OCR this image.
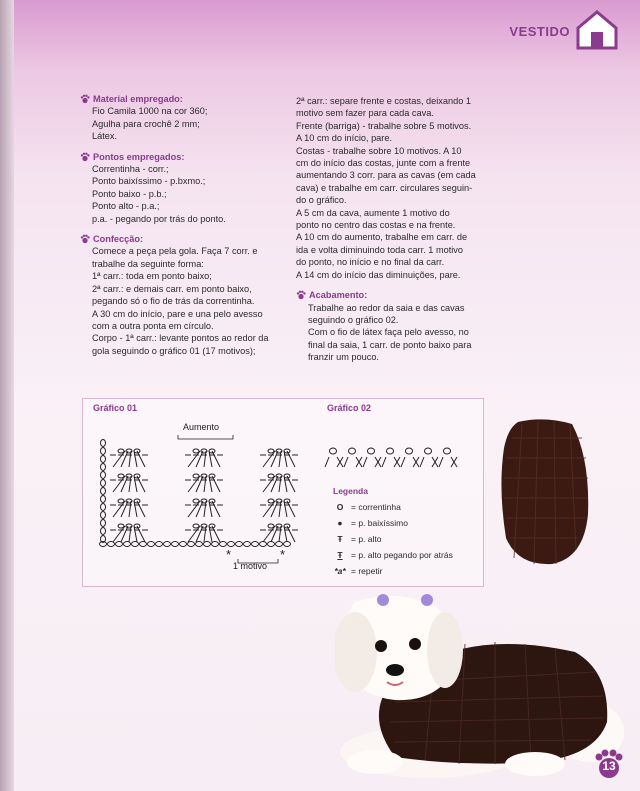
VESTIDO
Material empregado:
Fio Camila 1000 na cor 360;
Agulha para crochê 2 mm;
Látex.
Pontos empregados:
Correntinha - corr.;
Ponto baixíssimo - p.bxmo.;
Ponto baixo - p.b.;
Ponto alto - p.a.;
p.a. - pegando por trás do ponto.
Confecção:
Comece a peça pela gola. Faça 7 corr. e
trabalhe da seguinte forma:
1ª carr.: toda em ponto baixo;
2ª carr.: e demais carr. em ponto baixo,
pegando só o fio de trás da correntinha.
A 30 cm do início, pare e una pelo avesso
com a outra ponta em círculo.
Corpo - 1ª carr.: levante pontos ao redor da
gola seguindo o gráfico 01 (17 motivos);
2ª carr.: separe frente e costas, deixando 1
motivo sem fazer para cada cava.
Frente (barriga) - trabalhe sobre 5 motivos.
A 10 cm do início, pare.
Costas - trabalhe sobre 10 motivos. A 10
cm do início das costas, junte com a frente
aumentando 3 corr. para as cavas (em cada
cava) e trabalhe em carr. circulares seguin-
do o gráfico.
A 5 cm da cava, aumente 1 motivo do
ponto no centro das costas e na frente.
A 10 cm do aumento, trabalhe em carr. de
ida e volta diminuindo toda carr. 1 motivo
do ponto, no início e no final da carr.
A 14 cm do início das diminuições, pare.
Acabamento:
Trabalhe ao redor da saia e das cavas
seguindo o gráfico 02.
Com o fio de látex faça pelo avesso, no
final da saia, 1 carr. de ponto baixo para
franzir um pouco.
Gráfico 01	Gráfico 02
Aumento
1 motivo
*	*
Legenda
O = correntinha
● = p. baixíssimo
Ŧ = p. alto
Ŧ = p. alto pegando por atrás
*a* = repetir
13
